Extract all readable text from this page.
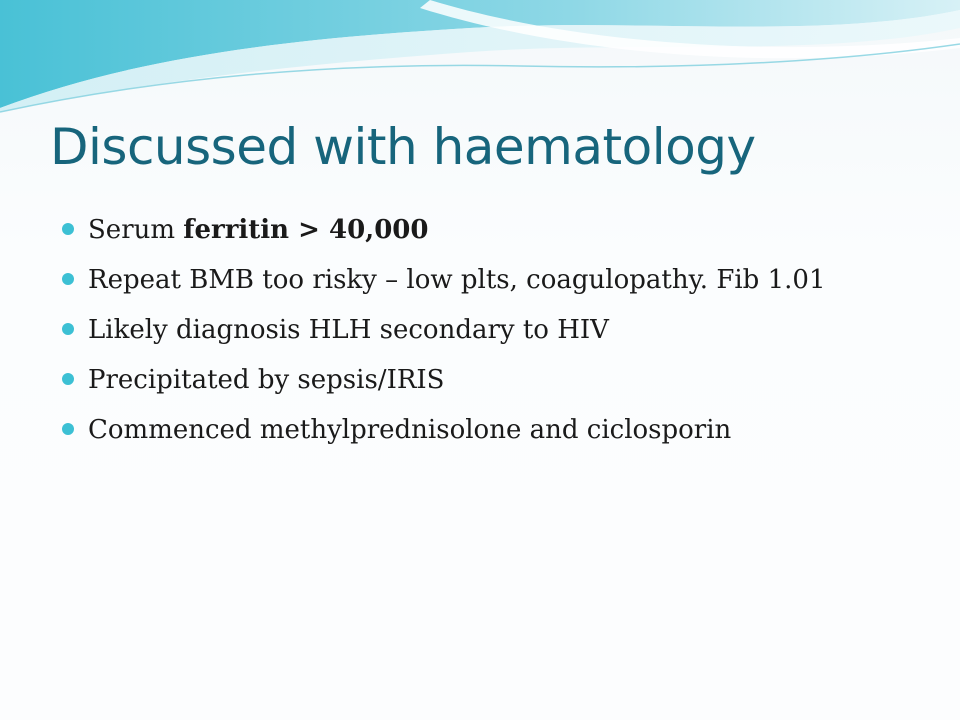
Discussed with haematology
Serum ferritin > 40,000
Repeat BMB too risky – low plts, coagulopathy. Fib 1.01
Likely diagnosis HLH secondary to HIV
Precipitated by sepsis/IRIS
Commenced methylprednisolone and ciclosporin
